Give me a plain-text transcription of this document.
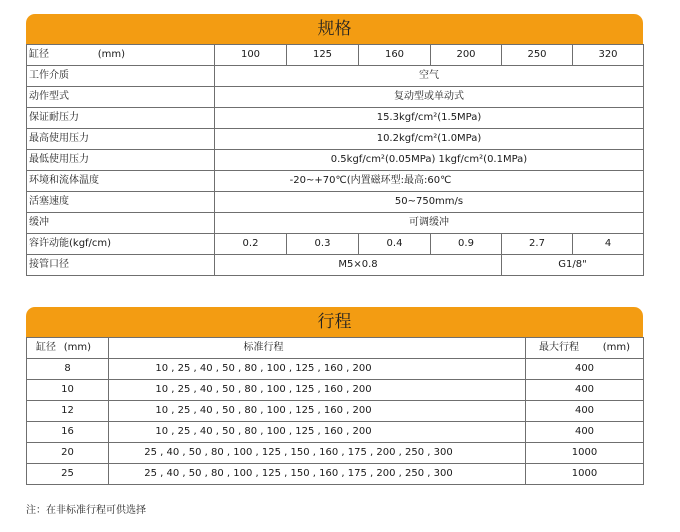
规格
缸径 (mm)	100	125	160	200	250	320
工作介质	空气					
动作型式	复动型或单动式					
保证耐压力	15.3kgf/cm²(1.5MPa)					
最高使用压力	10.2kgf/cm²(1.0MPa)					
最低使用压力	0.5kgf/cm²(0.05MPa) 1kgf/cm²(0.1MPa)					
环境和流体温度	-20~+70℃(内置磁环型:最高:60℃					
活塞速度	50~750mm/s					
缓冲	可调缓冲					
容许动能(kgf/cm)	0.2	0.3	0.4	0.9	2.7	4
接管口径	M5×0.8				G1/8"	
行程
缸径 (mm)	标准行程	最大行程 (mm)

8	10 , 25 , 40 , 50 , 80 , 100 , 125 , 160 , 200	400
10	10 , 25 , 40 , 50 , 80 , 100 , 125 , 160 , 200	400
12	10 , 25 , 40 , 50 , 80 , 100 , 125 , 160 , 200	400
16	10 , 25 , 40 , 50 , 80 , 100 , 125 , 160 , 200	400
20	25 , 40 , 50 , 80 , 100 , 125 , 150 , 160 , 175 , 200 , 250 , 300	1000
25	25 , 40 , 50 , 80 , 100 , 125 , 150 , 160 , 175 , 200 , 250 , 300	1000
注：在非标准行程可供选择
